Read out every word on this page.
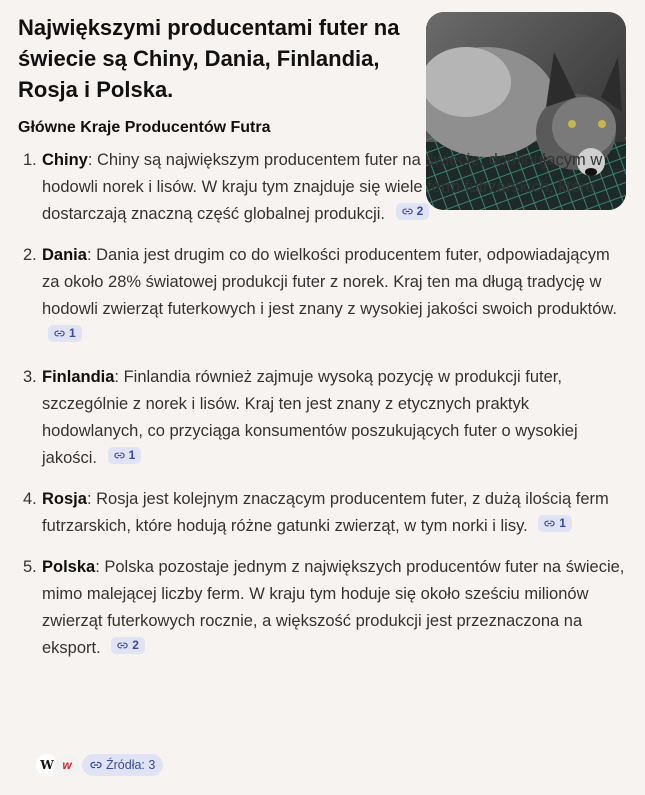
Największymi producentami futer na świecie są Chiny, Dania, Finlandia, Rosja i Polska.
Główne Kraje Producentów Futra
1. Chiny: Chiny są największym producentem futer na świecie, dominującym w hodowli norek i lisów. W kraju tym znajduje się wiele ferm futrzarskich, które dostarczają znaczną część globalnej produkcji.	2
2. Dania: Dania jest drugim co do wielkości producentem futer, odpowiadającym za około 28% światowej produkcji futer z norek. Kraj ten ma długą tradycję w hodowli zwierząt futerkowych i jest znany z wysokiej jakości swoich produktów.
1
3. Finlandia: Finlandia również zajmuje wysoką pozycję w produkcji futer, szczególnie z norek i lisów. Kraj ten jest znany z etycznych praktyk hodowlanych, co przyciąga konsumentów poszukujących futer o wysokiej jakości.	1
4. Rosja: Rosja jest kolejnym znaczącym producentem futer, z dużą ilością ferm futrzarskich, które hodują różne gatunki zwierząt, w tym norki i lisy.	1
5. Polska: Polska pozostaje jednym z największych producentów futer na świecie, mimo malejącej liczby ferm. W kraju tym hoduje się około sześciu milionów zwierząt futerkowych rocznie, a większość produkcji jest przeznaczona na eksport.	2
W w	Źródła: 3
